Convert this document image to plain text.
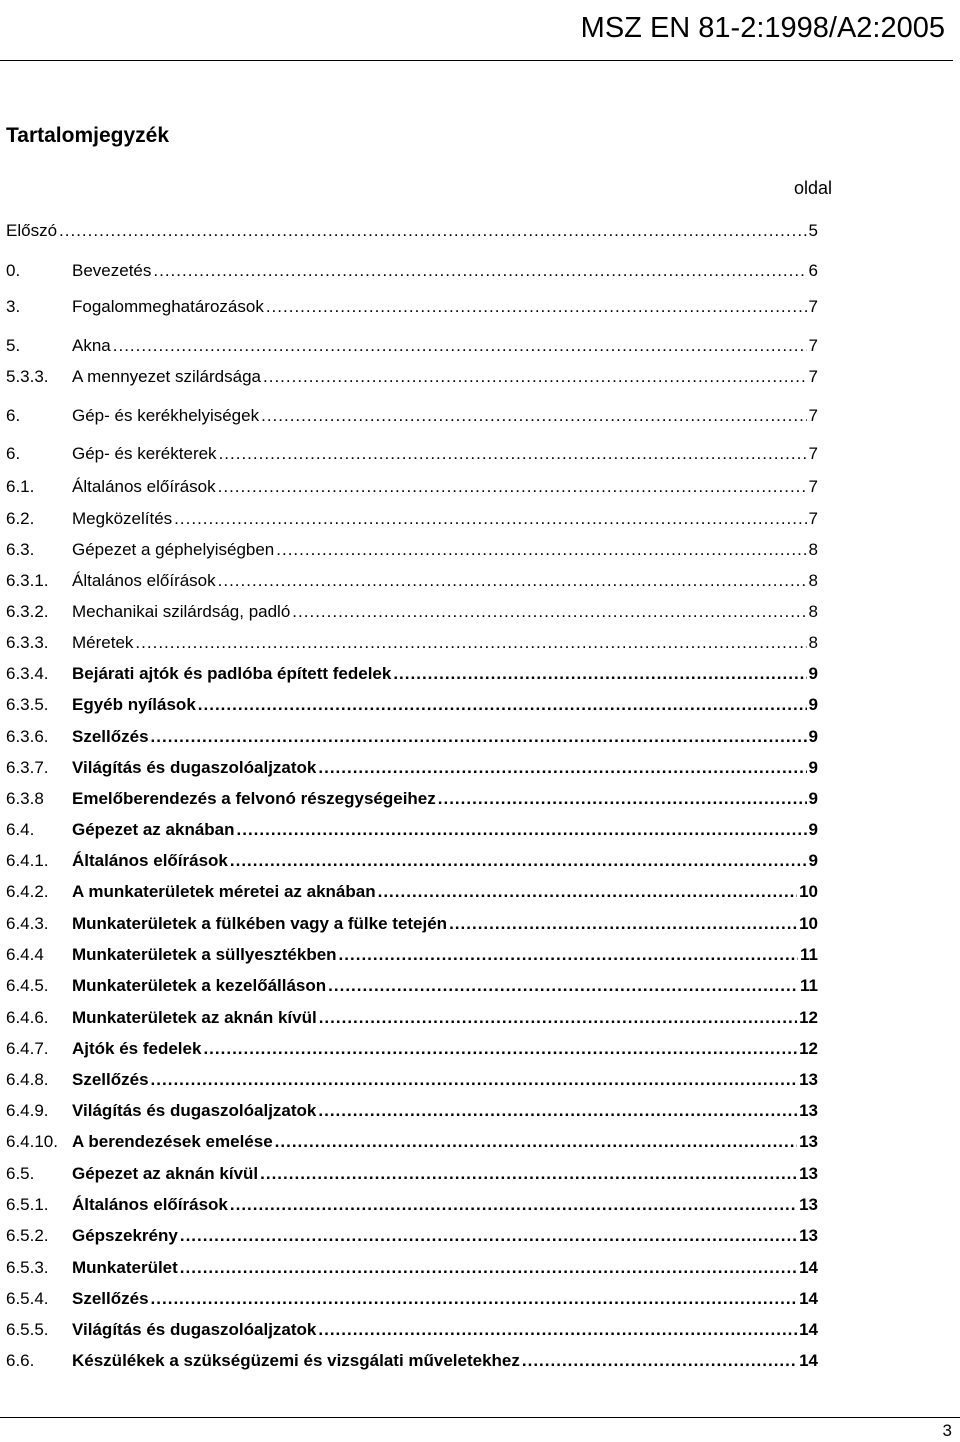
MSZ EN 81-2:1998/A2:2005
Tartalomjegyzék
oldal
Előszó .....	5
0.	Bevezetés .....	6
3.	Fogalommeghatározások .....	7
5.	Akna .....	7
5.3.3.	A mennyezet szilárdsága .....	7
6.	Gép- és kerékhelyiségek .....	7
6.	Gép- és kerékterek .....	7
6.1.	Általános előírások .....	7
6.2.	Megközelítés .....	7
6.3.	Gépezet a géphelyiségben .....	8
6.3.1.	Általános előírások .....	8
6.3.2.	Mechanikai szilárdság, padló .....	8
6.3.3.	Méretek .....	8
6.3.4.	Bejárati ajtók és padlóba épített fedelek .....	9
6.3.5.	Egyéb nyílások .....	9
6.3.6.	Szellőzés .....	9
6.3.7.	Világítás és dugaszolóaljzatok .....	9
6.3.8	Emelőberendezés a felvonó részegységeihez .....	9
6.4.	Gépezet az aknában .....	9
6.4.1.	Általános előírások .....	9
6.4.2.	A munkaterületek méretei az aknában .....	10
6.4.3.	Munkaterületek a fülkében vagy a fülke tetején .....	10
6.4.4	Munkaterületek a süllyesztékben .....	11
6.4.5.	Munkaterületek a kezelőálláson .....	11
6.4.6.	Munkaterületek az aknán kívül .....	12
6.4.7.	Ajtók és fedelek .....	12
6.4.8.	Szellőzés .....	13
6.4.9.	Világítás és dugaszolóaljzatok .....	13
6.4.10. A berendezések emelése .....	13
6.5.	Gépezet az aknán kívül .....	13
6.5.1.	Általános előírások .....	13
6.5.2.	Gépszekrény .....	13
6.5.3.	Munkaterület .....	14
6.5.4.	Szellőzés .....	14
6.5.5.	Világítás és dugaszolóaljzatok .....	14
6.6.	Készülékek a szükségüzemi és vizsgálati műveletekhez .....	14
3
